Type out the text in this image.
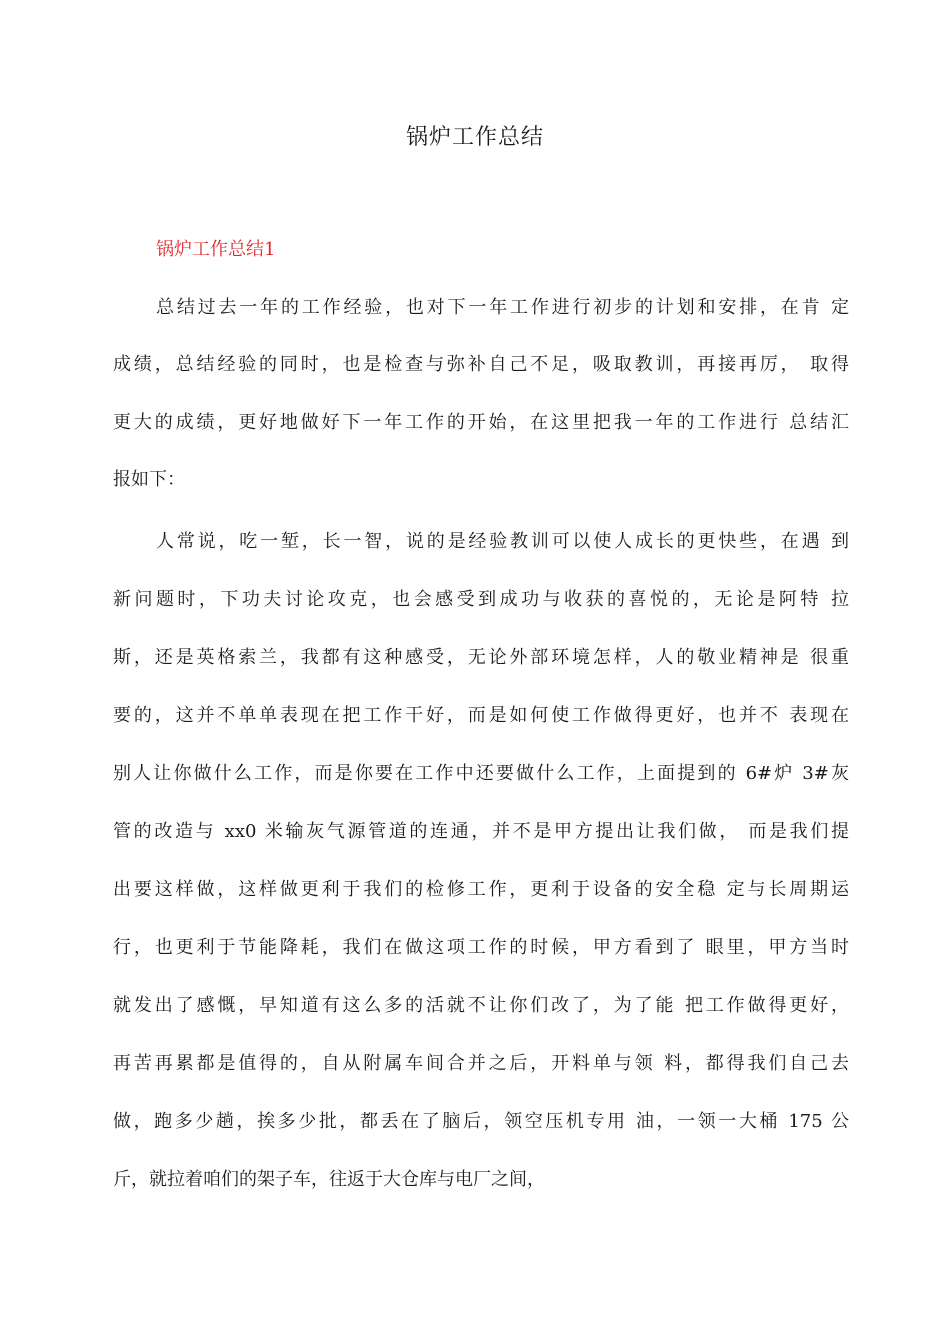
锅炉工作总结
锅炉工作总结1
总结过去一年的工作经验，也对下一年工作进行初步的计划和安排，在肯 定
成绩，总结经验的同时，也是检查与弥补自己不足，吸取教训，再接再厉， 取得
更大的成绩，更好地做好下一年工作的开始，在这里把我一年的工作进行 总结汇
报如下：
人常说，吃一堑，长一智，说的是经验教训可以使人成长的更快些，在遇 到
新问题时，下功夫讨论攻克，也会感受到成功与收获的喜悦的，无论是阿特 拉
斯，还是英格索兰，我都有这种感受，无论外部环境怎样，人的敬业精神是 很重
要的，这并不单单表现在把工作干好，而是如何使工作做得更好，也并不 表现在
别人让你做什么工作，而是你要在工作中还要做什么工作，上面提到的 6#炉 3#灰
管的改造与 xx0 米输灰气源管道的连通，并不是甲方提出让我们做， 而是我们提
出要这样做，这样做更利于我们的检修工作，更利于设备的安全稳 定与长周期运
行，也更利于节能降耗，我们在做这项工作的时候，甲方看到了 眼里，甲方当时
就发出了感慨，早知道有这么多的活就不让你们改了，为了能 把工作做得更好，
再苦再累都是值得的，自从附属车间合并之后，开料单与领 料，都得我们自己去
做，跑多少趟，挨多少批，都丢在了脑后，领空压机专用 油，一领一大桶 175 公
斤，就拉着咱们的架子车，往返于大仓库与电厂之间，
